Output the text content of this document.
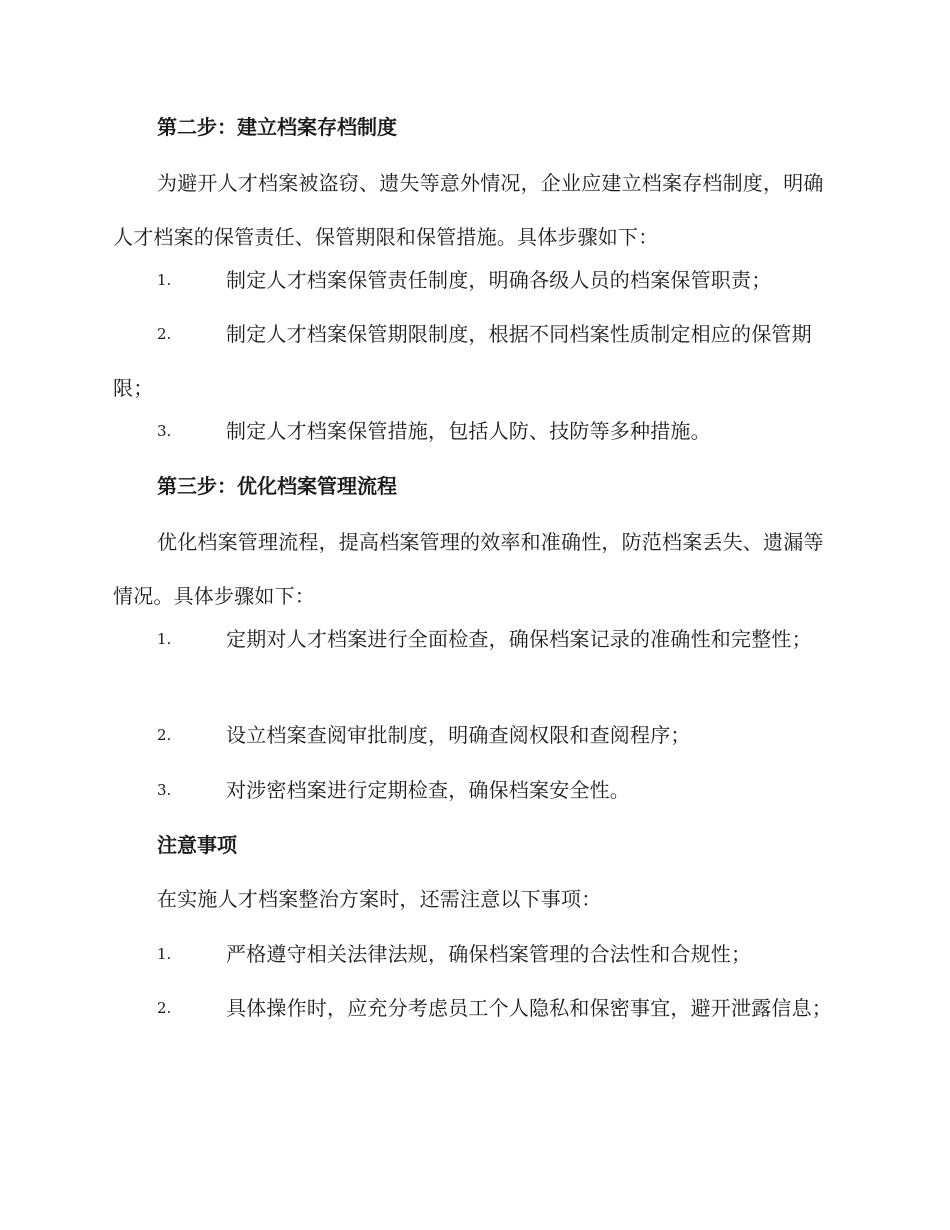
第二步：建立档案存档制度
为避开人才档案被盗窃、遗失等意外情况，企业应建立档案存档制度，明确人才档案的保管责任、保管期限和保管措施。具体步骤如下：
1.	制定人才档案保管责任制度，明确各级人员的档案保管职责；
2.	制定人才档案保管期限制度，根据不同档案性质制定相应的保管期限；
3.	制定人才档案保管措施，包括人防、技防等多种措施。
第三步：优化档案管理流程
优化档案管理流程，提高档案管理的效率和准确性，防范档案丢失、遗漏等情况。具体步骤如下：
1.	定期对人才档案进行全面检查，确保档案记录的准确性和完整性；
2.	设立档案查阅审批制度，明确查阅权限和查阅程序；
3.	对涉密档案进行定期检查，确保档案安全性。
注意事项
在实施人才档案整治方案时，还需注意以下事项：
1.	严格遵守相关法律法规，确保档案管理的合法性和合规性；
2.	具体操作时，应充分考虑员工个人隐私和保密事宜，避开泄露信息；
